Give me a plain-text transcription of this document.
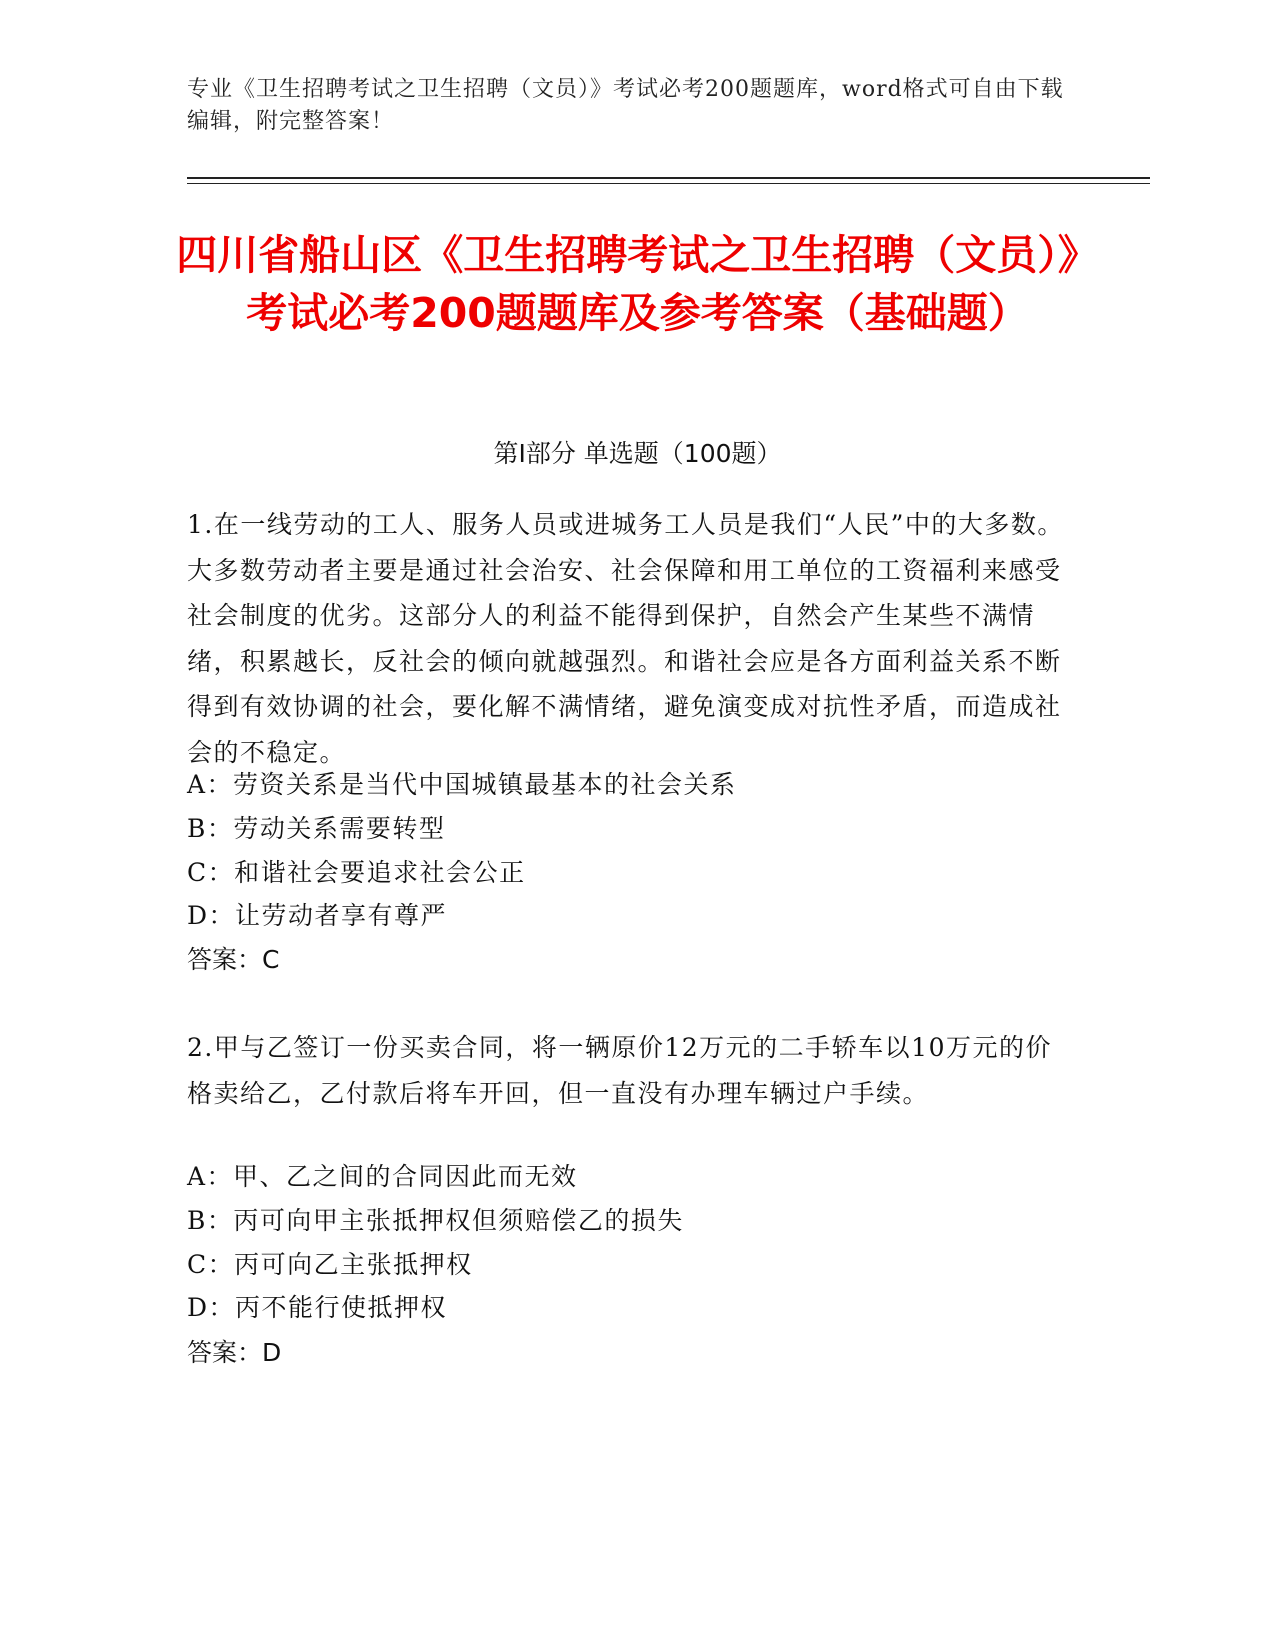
专业《卫生招聘考试之卫生招聘（文员）》考试必考200题题库，word格式可自由下载编辑，附完整答案！
四川省船山区《卫生招聘考试之卫生招聘（文员）》考试必考200题题库及参考答案（基础题）
第I部分 单选题（100题）
1.在一线劳动的工人、服务人员或进城务工人员是我们“人民”中的大多数。大多数劳动者主要是通过社会治安、社会保障和用工单位的工资福利来感受社会制度的优劣。这部分人的利益不能得到保护，自然会产生某些不满情绪，积累越长，反社会的倾向就越强烈。和谐社会应是各方面利益关系不断得到有效协调的社会，要化解不满情绪，避免演变成对抗性矛盾，而造成社会的不稳定。
A：劳资关系是当代中国城镇最基本的社会关系
B：劳动关系需要转型
C：和谐社会要追求社会公正
D：让劳动者享有尊严
答案：C
2.甲与乙签订一份买卖合同，将一辆原价12万元的二手轿车以10万元的价格卖给乙，乙付款后将车开回，但一直没有办理车辆过户手续。
A：甲、乙之间的合同因此而无效
B：丙可向甲主张抵押权但须赔偿乙的损失
C：丙可向乙主张抵押权
D：丙不能行使抵押权
答案：D
